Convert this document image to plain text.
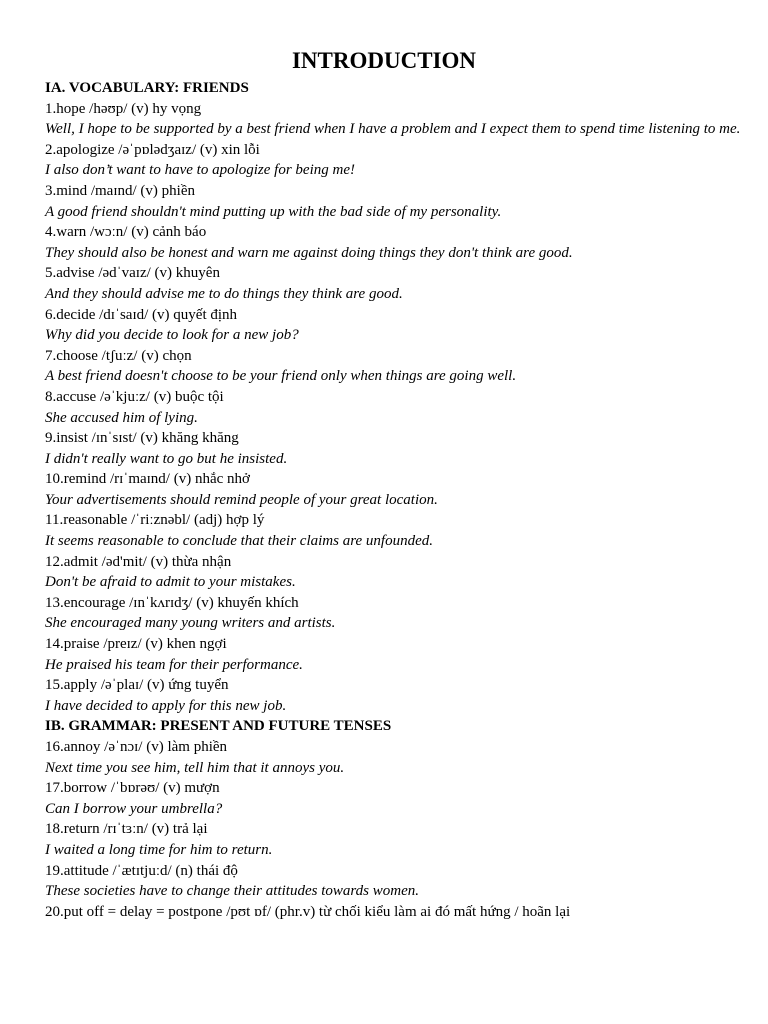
INTRODUCTION
IA. VOCABULARY: FRIENDS
1.hope /həʊp/ (v) hy vọng
Well, I hope to be supported by a best friend when I have a problem and I expect them to spend time listening to me.
2.apologize /əˈpɒlədʒaɪz/ (v) xin lỗi
I also don’t want to have to apologize for being me!
3.mind /maɪnd/ (v) phiền
A good friend shouldn't mind putting up with the bad side of my personality.
4.warn /wɔːn/ (v) cảnh báo
They should also be honest and warn me against doing things they don't think are good.
5.advise /ədˈvaɪz/ (v) khuyên
And they should advise me to do things they think are good.
6.decide /dɪˈsaɪd/ (v) quyết định
Why did you decide to look for a new job?
7.choose /tʃuːz/ (v) chọn
A best friend doesn't choose to be your friend only when things are going well.
8.accuse /əˈkjuːz/ (v) buộc tội
She accused him of lying.
9.insist /ɪnˈsɪst/ (v) khăng khăng
I didn't really want to go but he insisted.
10.remind /rɪˈmaɪnd/ (v) nhắc nhở
Your advertisements should remind people of your great location.
11.reasonable /ˈriːznəbl/ (adj) hợp lý
It seems reasonable to conclude that their claims are unfounded.
12.admit /əd'mit/ (v) thừa nhận
Don't be afraid to admit to your mistakes.
13.encourage /ɪnˈkʌrɪdʒ/ (v) khuyến khích
She encouraged many young writers and artists.
14.praise /preɪz/ (v) khen ngợi
He praised his team for their performance.
15.apply /əˈplaɪ/ (v) ứng tuyển
I have decided to apply for this new job.
IB. GRAMMAR: PRESENT AND FUTURE TENSES
16.annoy /əˈnɔɪ/ (v) làm phiền
Next time you see him, tell him that it annoys you.
17.borrow /ˈbɒrəʊ/ (v) mượn
Can I borrow your umbrella?
18.return /rɪˈtɜːn/ (v) trả lại
I waited a long time for him to return.
19.attitude /ˈætɪtjuːd/ (n) thái độ
These societies have to change their attitudes towards women.
20.put off = delay = postpone /pʊt ɒf/ (phr.v) từ chối kiểu làm ai đó mất hứng / hoãn lại
